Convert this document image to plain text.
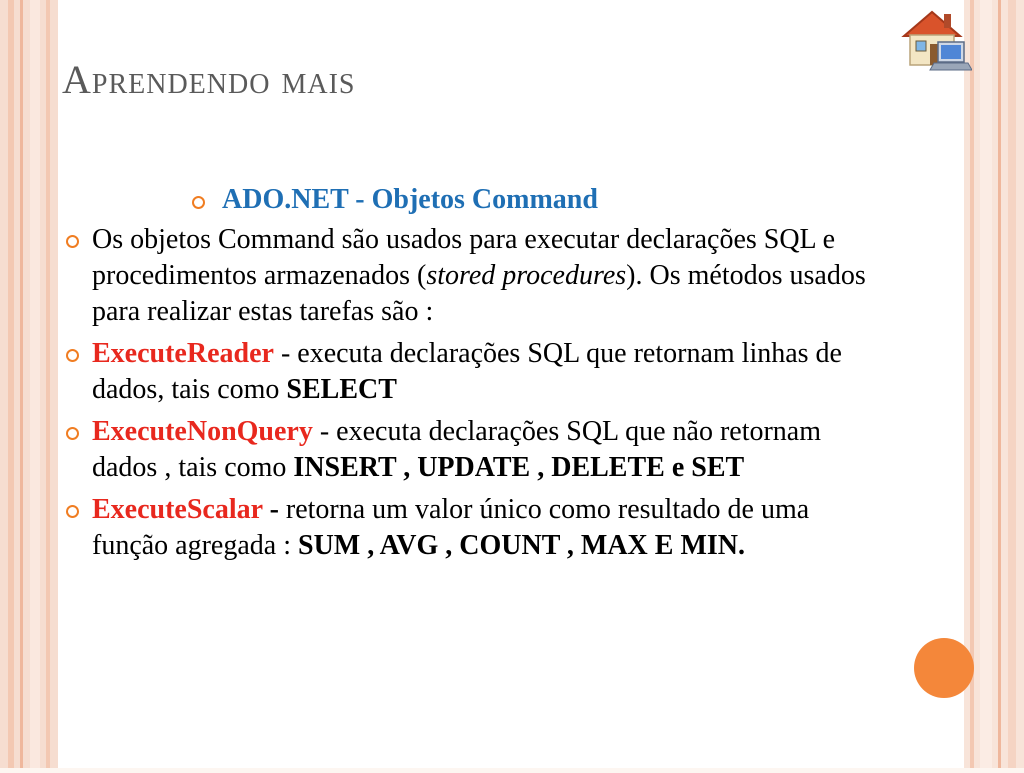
Aprendendo mais
ADO.NET - Objetos Command
Os objetos Command são usados para executar declarações SQL e procedimentos armazenados (stored procedures). Os métodos usados para realizar estas tarefas são :
ExecuteReader - executa declarações SQL que retornam linhas de dados, tais como SELECT
ExecuteNonQuery - executa declarações SQL que não retornam dados , tais como INSERT , UPDATE , DELETE e SET
ExecuteScalar - retorna um valor único como resultado de uma função agregada : SUM , AVG , COUNT , MAX E MIN.
